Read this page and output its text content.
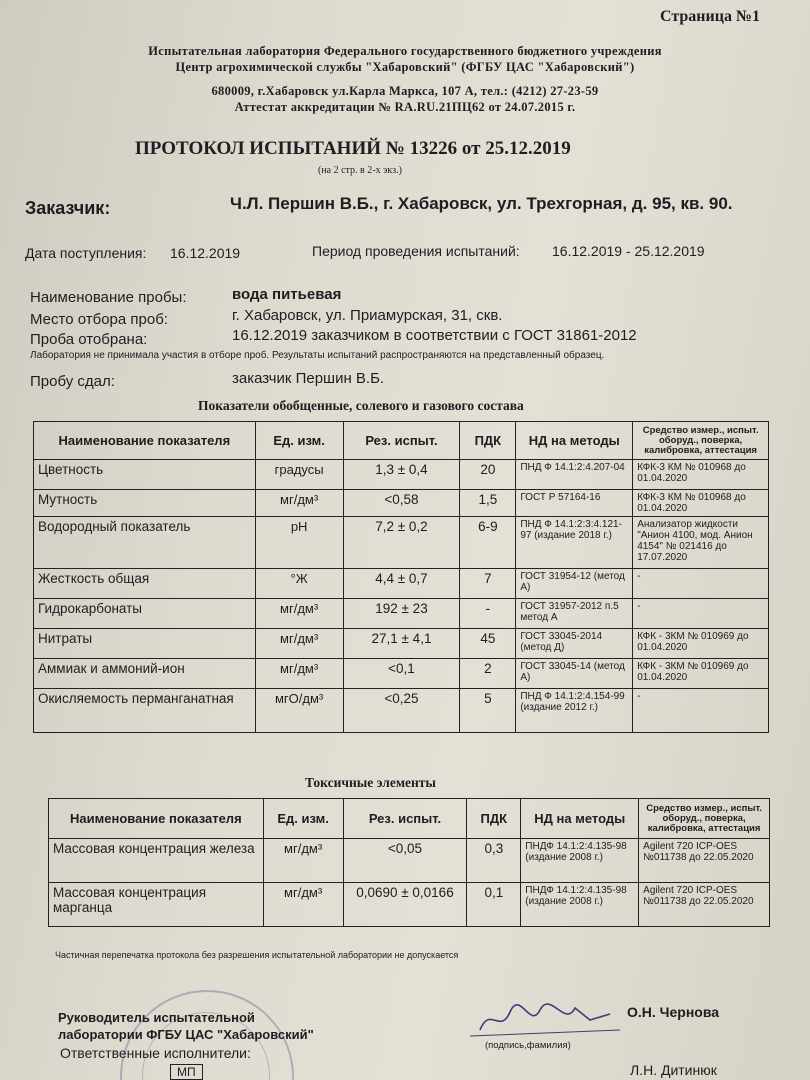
Страница №1
Испытательная лаборатория Федерального государственного бюджетного учреждения
Центр агрохимической службы "Хабаровский" (ФГБУ ЦАС "Хабаровский")
680009, г.Хабаровск ул.Карла Маркса, 107 А, тел.: (4212) 27-23-59
Аттестат аккредитации № RA.RU.21ПЦ62 от 24.07.2015 г.
ПРОТОКОЛ ИСПЫТАНИЙ № 13226 от 25.12.2019
(на 2 стр. в 2-х экз.)
Заказчик:	Ч.Л. Першин В.Б., г. Хабаровск, ул. Трехгорная, д. 95, кв. 90.
Дата поступления: 16.12.2019	Период проведения испытаний: 16.12.2019 - 25.12.2019
Наименование пробы:	вода питьевая
Место отбора проб:	г. Хабаровск, ул. Приамурская, 31, скв.
Проба отобрана:	16.12.2019 заказчиком в соответствии с ГОСТ 31861-2012
Лаборатория не принимала участия в отборе проб. Результаты испытаний распространяются на представленный образец.
Пробу сдал:	заказчик Першин В.Б.
Показатели обобщенные, солевого и газового состава
Наименование показателя	Ед. изм.	Рез. испыт.	ПДК	НД на методы	Средство измер., испыт. оборуд., поверка, калибровка, аттестация
Цветность	градусы	1,3 ± 0,4	20	ПНД Ф 14.1:2:4.207-04	КФК-3 КМ № 010968 до 01.04.2020
Мутность	мг/дм³	<0,58	1,5	ГОСТ Р 57164-16	КФК-3 КМ № 010968 до 01.04.2020
Водородный показатель	pH	7,2 ± 0,2	6-9	ПНД Ф 14.1:2:3:4.121-97 (издание 2018 г.)	Анализатор жидкости "Анион 4100, мод. Анион 4154" № 021416 до 17.07.2020
Жесткость общая	°Ж	4,4 ± 0,7	7	ГОСТ 31954-12 (метод А)	-
Гидрокарбонаты	мг/дм³	192 ± 23	-	ГОСТ 31957-2012 п.5 метод А	-
Нитраты	мг/дм³	27,1 ± 4,1	45	ГОСТ 33045-2014 (метод Д)	КФК - 3КМ № 010969 до 01.04.2020
Аммиак и аммоний-ион	мг/дм³	<0,1	2	ГОСТ 33045-14 (метод А)	КФК - 3КМ № 010969 до 01.04.2020
Окисляемость перманганатная	мгО/дм³	<0,25	5	ПНД Ф 14.1:2:4.154-99 (издание 2012 г.)	-
Токсичные элементы
Наименование показателя	Ед. изм.	Рез. испыт.	ПДК	НД на методы	Средство измер., испыт. оборуд., поверка, калибровка, аттестация
Массовая концентрация железа	мг/дм³	<0,05	0,3	ПНДФ 14.1:2:4.135-98 (издание 2008 г.)	Agilent 720 ICP-OES №011738 до 22.05.2020
Массовая концентрация марганца	мг/дм³	0,0690 ± 0,0166	0,1	ПНДФ 14.1:2:4.135-98 (издание 2008 г.)	Agilent 720 ICP-OES №011738 до 22.05.2020
Частичная перепечатка протокола без разрешения испытательной лаборатории не допускается
Руководитель испытательной
лаборатории ФГБУ ЦАС "Хабаровский"
Ответственные исполнители:	(подпись,фамилия)
О.Н. Чернова
Л.Н. Дитинюк
МП
